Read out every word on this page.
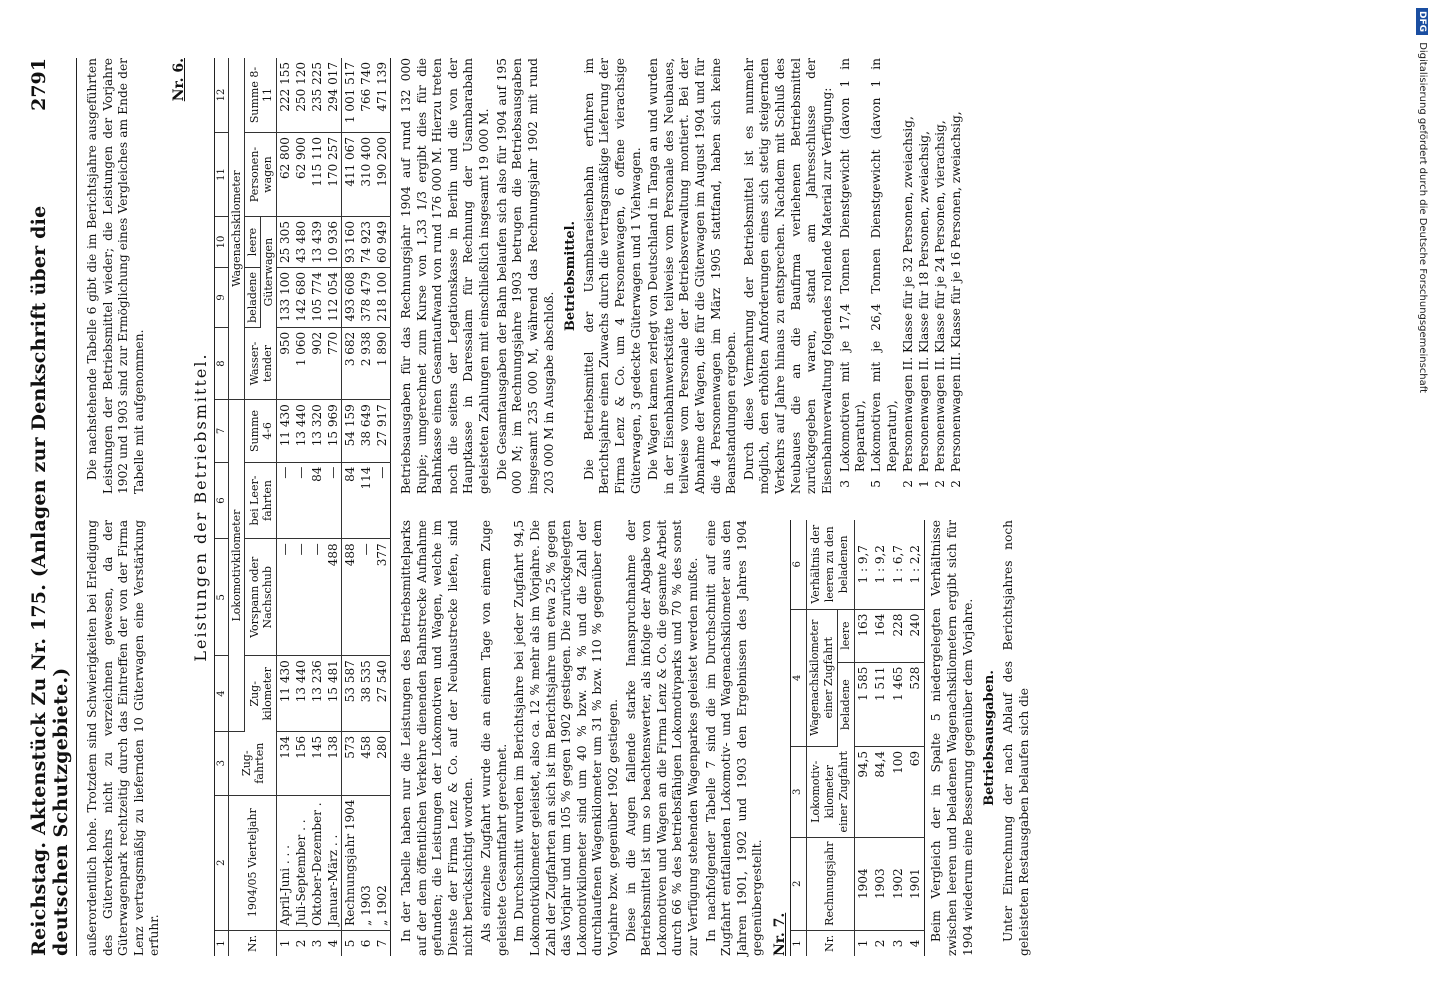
Reichstag. Aktenstück Zu Nr. 175. (Anlagen zur Denkschrift über die deutschen Schutzgebiete.)
2791

außerordentlich hohe. Trotzdem sind Schwierigkeiten bei Erledigung des Güterverkehrs nicht zu verzeichnen gewesen, da der Güterwagenpark rechtzeitig durch das Eintreffen der von der Firma Lenz vertragsmäßig zu liefernden 10 Güterwagen eine Verstärkung erfuhr.

Die nachstehende Tabelle 6 gibt die im Berichtsjahre ausgeführten Leistungen der Betriebsmittel wieder; die Leistungen der Vorjahre 1902 und 1903 sind zur Ermöglichung eines Vergleiches am Ende der Tabelle mit aufgenommen.

Nr. 6.
Leistungen der Betriebsmittel.
1	2	3	4	5	6	7	8	9	10	11	12
Nr.	1904/05 Vierteljahr	Zug-fahrten	Lokomotivkilometer				Wagenachskilometer				
			Zug-kilometer	Vorspann oder Nachschub	bei Leer-fahrten	Summe 4-6	Wasser-tender	beladene	leere	Personen-wagen	Summe 8-11
								Güterwagen			
1	April-Juni . . .	134	11 430	—	—	11 430	950	133 100	25 305	62 800	222 155
2	Juli-September . .	156	13 440	—	—	13 440	1 060	142 680	43 480	62 900	250 120
3	Oktober-Dezember .	145	13 236	—	84	13 320	902	105 774	13 439	115 110	235 225
4	Januar-März . .	138	15 481	488	—	15 969	770	112 054	10 936	170 257	294 017
5	Rechnungsjahr 1904	573	53 587	488	84	54 159	3 682	493 608	93 160	411 067	1 001 517
6	„ 1903	458	38 535	—	114	38 649	2 938	378 479	74 923	310 400	766 740
7	„ 1902	280	27 540	377	—	27 917	1 890	218 100	60 949	190 200	471 139

In der Tabelle haben nur die Leistungen des Betriebsmittelparks auf der dem öffentlichen Verkehre dienenden Bahnstrecke Aufnahme gefunden; die Leistungen der Lokomotiven und Wagen, welche im Dienste der Firma Lenz & Co. auf der Neubaustrecke liefen, sind nicht berücksichtigt worden. Als einzelne Zugfahrt wurde die an einem Tage von einem Zuge geleistete Gesamtfahrt gerechnet. Im Durchschnitt wurden im Berichtsjahre bei jeder Zugfahrt 94,5 Lokomotivkilometer geleistet, also ca. 12 % mehr als im Vorjahre. Die Zahl der Zugfahrten an sich ist im Berichtsjahre um etwa 25 % gegen das Vorjahr und um 105 % gegen 1902 gestiegen. Die zurückgelegten Lokomotivkilometer sind um 40 % bzw. 94 % und die Zahl der durchlaufenen Wagenkilometer um 31 % bzw. 110 % gegenüber dem Vorjahre bzw. gegenüber 1902 gestiegen. Diese in die Augen fallende starke Inanspruchnahme der Betriebsmittel ist um so beachtenswerter, als infolge der Abgabe von Lokomotiven und Wagen an die Firma Lenz & Co. die gesamte Arbeit durch 66 % des betriebsfähigen Lokomotivparks und 70 % des sonst zur Verfügung stehenden Wagenparkes geleistet werden mußte. In nachfolgender Tabelle 7 sind die im Durchschnitt auf eine Zugfahrt entfallenden Lokomotiv- und Wagenachskilometer aus den Jahren 1901, 1902 und 1903 den Ergebnissen des Jahres 1904 gegenübergestellt. Nr. 7. 1	2	3	4		6
Nr.	Rechnungsjahr	Lokomotiv-kilometer einer Zugfahrt	Wagenachskilometer einer Zugfahrt		Verhältnis der leeren zu den beladenen
			beladene	leere	
1	1904	94,5	1 585	163	1 : 9,7
2	1903	84,4	1 511	164	1 : 9,2
3	1902	100	1 465	228	1 : 6,7
4	1901	69	528	240	1 : 2,2 Beim Vergleich der in Spalte 5 niedergelegten Verhältnisse zwischen leeren und beladenen Wagenachskilometern ergibt sich für 1904 wiederum eine Besserung gegenüber dem Vorjahre. Betriebsausgaben. Unter Einrechnung der nach Ablauf des Berichtsjahres noch geleisteten Restausgaben belaufen sich die

Betriebsausgaben für das Rechnungsjahr 1904 auf rund 132 000 Rupie; umgerechnet zum Kurse von 1,33 1/3 ergibt dies für die Bahnkasse einen Gesamtaufwand von rund 176 000 M. Hierzu treten noch die seitens der Legationskasse in Berlin und die von der Hauptkasse in Daressalam für Rechnung der Usambarabahn geleisteten Zahlungen mit einschließlich insgesamt 19 000 M. Die Gesamtausgaben der Bahn belaufen sich also für 1904 auf 195 000 M; im Rechnungsjahre 1903 betrugen die Betriebsausgaben insgesamt 235 000 M, während das Rechnungsjahr 1902 mit rund 203 000 M in Ausgabe abschloß.

Betriebsmittel. Die Betriebsmittel der Usambaraeisenbahn erfuhren im Berichtsjahre einen Zuwachs durch die vertragsmäßige Lieferung der Firma Lenz & Co. um 4 Personenwagen, 6 offene vierachsige Güterwagen, 3 gedeckte Güterwagen und 1 Viehwagen. Die Wagen kamen zerlegt von Deutschland in Tanga an und wurden in der Eisenbahnwerkstätte teilweise vom Personale des Neubaues, teilweise vom Personale der Betriebsverwaltung montiert. Bei der Abnahme der Wagen, die für die Güterwagen im August 1904 und für die 4 Personenwagen im März 1905 stattfand, haben sich keine Beanstandungen ergeben. Durch diese Vermehrung der Betriebsmittel ist es nunmehr möglich, den erhöhten Anforderungen eines sich stetig steigernden Verkehrs auf Jahre hinaus zu entsprechen. Nachdem mit Schluß des Neubaues die an die Baufirma verliehenen Betriebsmittel zurückgegeben waren, stand am Jahresschlusse der Eisenbahnverwaltung folgendes rollende Material zur Verfügung: 3
Lokomotiven mit je 17,4 Tonnen Dienstgewicht (davon 1 in Reparatur),
5
Lokomotiven mit je 26,4 Tonnen Dienstgewicht (davon 1 in Reparatur),
2
Personenwagen II. Klasse für je 32 Personen, zweiachsig,
1
Personenwagen II. Klasse für 18 Personen, zweiachsig,
2
Personenwagen II. Klasse für je 24 Personen, vierachsig,
2
Personenwagen III. Klasse für je 16 Personen, zweiachsig,
DFG Digitalisierung gefördert durch die Deutsche Forschungsgemeinschaft
